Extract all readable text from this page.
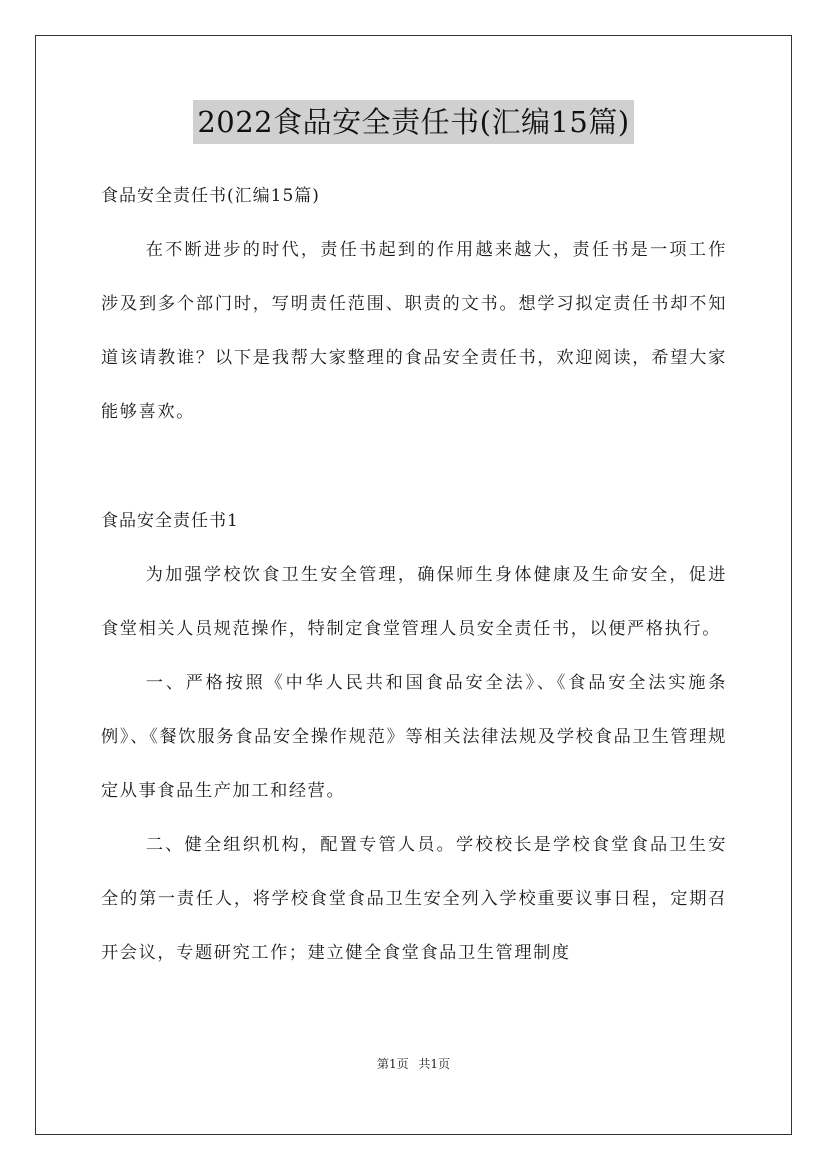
2022食品安全责任书(汇编15篇)

食品安全责任书(汇编15篇)

在不断进步的时代，责任书起到的作用越来越大，责任书是一项工作涉及到多个部门时，写明责任范围、职责的文书。想学习拟定责任书却不知道该请教谁？以下是我帮大家整理的食品安全责任书，欢迎阅读，希望大家能够喜欢。

食品安全责任书1

为加强学校饮食卫生安全管理，确保师生身体健康及生命安全，促进食堂相关人员规范操作，特制定食堂管理人员安全责任书，以便严格执行。

一、严格按照《中华人民共和国食品安全法》、《食品安全法实施条例》、《餐饮服务食品安全操作规范》等相关法律法规及学校食品卫生管理规定从事食品生产加工和经营。

二、健全组织机构，配置专管人员。学校校长是学校食堂食品卫生安全的第一责任人，将学校食堂食品卫生安全列入学校重要议事日程，定期召开会议，专题研究工作；建立健全食堂食品卫生管理制度

第1页 共1页
